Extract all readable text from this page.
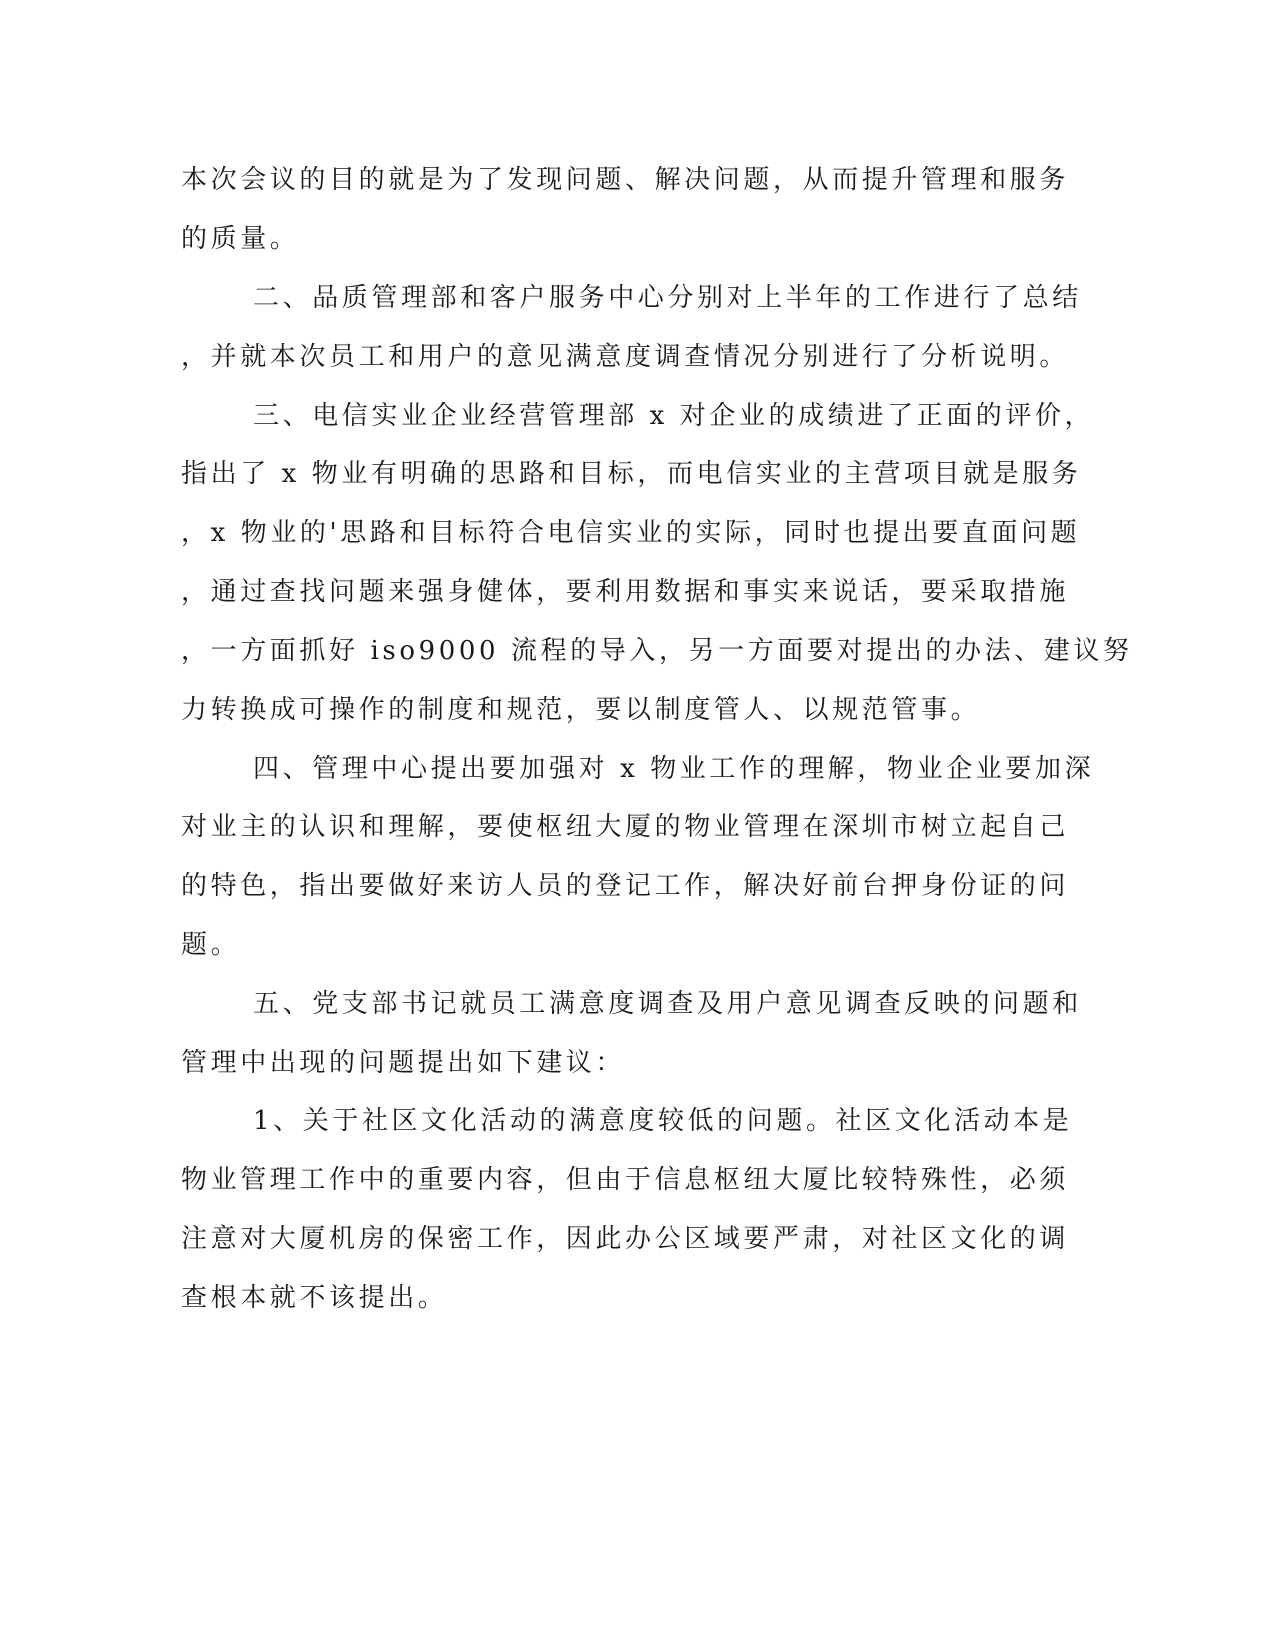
本次会议的目的就是为了发现问题、解决问题，从而提升管理和服务

的质量。

二、品质管理部和客户服务中心分别对上半年的工作进行了总结

，并就本次员工和用户的意见满意度调查情况分别进行了分析说明。

三、电信实业企业经营管理部 x 对企业的成绩进了正面的评价，

指出了 x 物业有明确的思路和目标，而电信实业的主营项目就是服务

，x 物业的'思路和目标符合电信实业的实际，同时也提出要直面问题

，通过查找问题来强身健体，要利用数据和事实来说话，要采取措施

，一方面抓好 iso9000 流程的导入，另一方面要对提出的办法、建议努

力转换成可操作的制度和规范，要以制度管人、以规范管事。

四、管理中心提出要加强对 x 物业工作的理解，物业企业要加深

对业主的认识和理解，要使枢纽大厦的物业管理在深圳市树立起自己

的特色，指出要做好来访人员的登记工作，解决好前台押身份证的问

题。

五、党支部书记就员工满意度调查及用户意见调查反映的问题和

管理中出现的问题提出如下建议：

1、关于社区文化活动的满意度较低的问题。社区文化活动本是

物业管理工作中的重要内容，但由于信息枢纽大厦比较特殊性，必须

注意对大厦机房的保密工作，因此办公区域要严肃，对社区文化的调

查根本就不该提出。
